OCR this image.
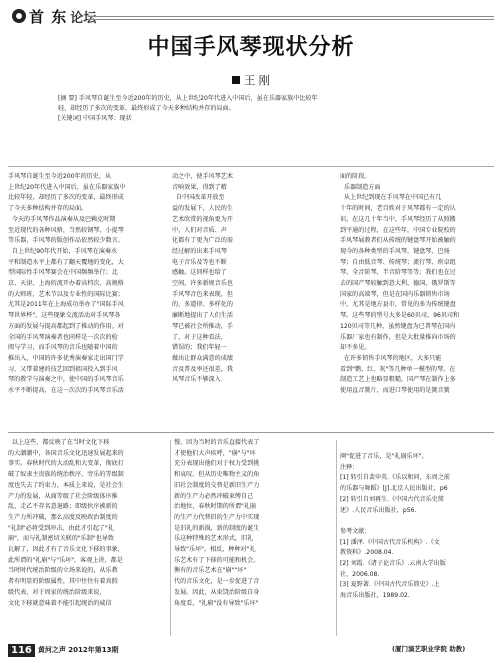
首 东 论坛
中国手风琴现状分析
王 刚
[摘 要] 手风琴自诞生至今近200年的历史，从上世纪20年代进入中国后，虽在乐器家族中比较年
轻，却经历了多次的变革，最终形成了今天多种结构并存的局面。
[关键词] 中国手风琴；现状
手风琴自诞生至今近200年的历史，从
上世纪20年代进入中国后，虽在乐器家族中
比较年轻，却经历了多次的变革，最终形成
了今天多种结构并存的局面。
今天的手风琴作品演奏从及巴赖克时期
至近现代的各种风格，当然较钢琴、小提琴
等乐器，手风琴的版创作品依然较少数言。
自上世纪90年代开始，手风琴在演奏水
平和制造水平上都有了翻天覆地的变化，大
型国际性手风琴赛会在中国频频举行；北
京、天津、上海的流开办着高档次、高规格
的大师班，艺术节以及专业性的国际比赛；
尤其是2011年在上海成功举办了"国际手风
琴世界杯"，这些现象交流活动对手风琴各
方面的发展与提高都起到了推动的作用。对
全国的手风琴演奏者也同样是一次次的检
阅与学习，而手风琴的音乐也随着中国的
推出入，中国的许多优秀演奏家走出国门学
习，又带着建的技艺回到祖国投入到手风
琴的教学与演奏之中，使中国的手风琴音乐
水平不断提高，在这一次次的手风琴音乐活
动之中，使手风琴艺术
音响效果，得到了精
自中国改革开放至
益的发展下，人民的生
艺术欣赏的视角更为开
中，人们对音质、声
化都有了更为广泛的需
经过解的出来手风琴
电子音乐及等也不断
感触。这同样也给了
空间，许多新规音乐也
手风琴音色来表现，但
的，多道律、多样化的
廉断地提出了人们生活
琴已被社会所推动，手
了，对于这种看法，
错误的；我们年轻一
做出让群众满意的成绩
音及普及率还很差，我
风琴音乐不够深入

面的阶段。
乐器制造方面
从上世纪到现在手风琴在中国已有几
十年的时间，老百姓对于风琴都有一定的认
识。在这几十年当中，手风琴经历了从照搬
到平通的过程，在这些年，中国专业院校的
手风琴展教者们从传统的键盘琴开始被触的
现今的各种类型的手风琴，键盘琴、巴扬
琴；自由低音琴、传统琴；流行琴、班卓组
琴、全音阶琴、半音阶琴等等；我们也在过
去的国产琴较触到意大利、德国、俄罗斯等
国家的高端琴，但是在国内乐器销售市场
中，尤其是地方县市，常见的多为传统键盘
琴。这些琴的型号大多是60贝司、96贝司和
120贝司等几种，虽然键盘为已普琴在国内
乐器厂家也有制作，但是大批量推向市场的
却不多见。
在许多销售手风琴的地区，大多只能
看到"鹦、红、灰"等几种单一模型的琴，在
制造工艺上也略显粗糙，国产琴在制作上多
使用直音簧片，而进口琴使用的是簧音簧
以上这些，都反映了在当时文化下移
的大潮潮中，各国音乐文化迅速发展起来的
事实。春秋时代的大动乱和大变革，彻底打
破了奴隶主贵族的统治秩序，旁乐的等级制
度也失去了约束力，本质上来说，是社会生
产力的发展，从商等级了社会阶级体序推
乱，走乙不存名意退路；即级伙序被新的
生产力所冲破，那么高度反映政治制度的
"礼制"必将受到冲击，由此才引起了"礼
崩"，而与礼制密切关联的"乐制"也导致
瓦解了，因此才有了音乐文化下移的事象，
此所谓的"礼崩"与"乐坏"，客观上讲，都是
当时时代统治阶级的立场来说的，从乐教
者有明显的阶级属性，其中往往有着真假
级代表，对于周家的统治阶级来说，
文化下移就意味着不能引起统治的威信
慢，因为当时的音乐直接代表了
才使他们大声疾呼，"崩"与"坏
充分表现出他们对于权力受到挑
和哀叹。但从历史唯物主义的角
旧社会制度的交替是新旧生产力
新的生产力必然冲破束缚自己
治地位，春秋时期的所谓"礼崩
的生产力代替旧的生产力中实现
是旧礼的新损，新的制度的诞生
乐这种特殊的艺术形式，旧礼
导致"乐坏"，相反，种种对"礼
乐艺术有了下移的可能和机会。
衡有的音乐艺术在"崩""坏"
代的音乐文化，是一步促进了音
发展。因此，从束饶治阶级自身
角度看，"礼崩"没有导致"乐坏"
阐"促进了音乐，是"礼崩乐坏"。
注释：
[1] 转引自裴申英.《乐以和同，东周之前
的乐器与舞蹈》[J].北京人民出版社，p6
[2] 转引自刘再生.《中国古代音乐史简
述》.人民音乐出版社，p56.

参考文献：
[1] 潘泽.《中国古代音乐机构》.《文
教资料》.2008.04.
[2] 刘霞.《诸子论音乐》.云南大学出版
社，2006.08.
[3] 夏野著.《中国古代音乐简史》.上
海音乐出版社，1989.02.
116 黄河之声 2012年第13期	(厦门演艺职业学院 助教)
